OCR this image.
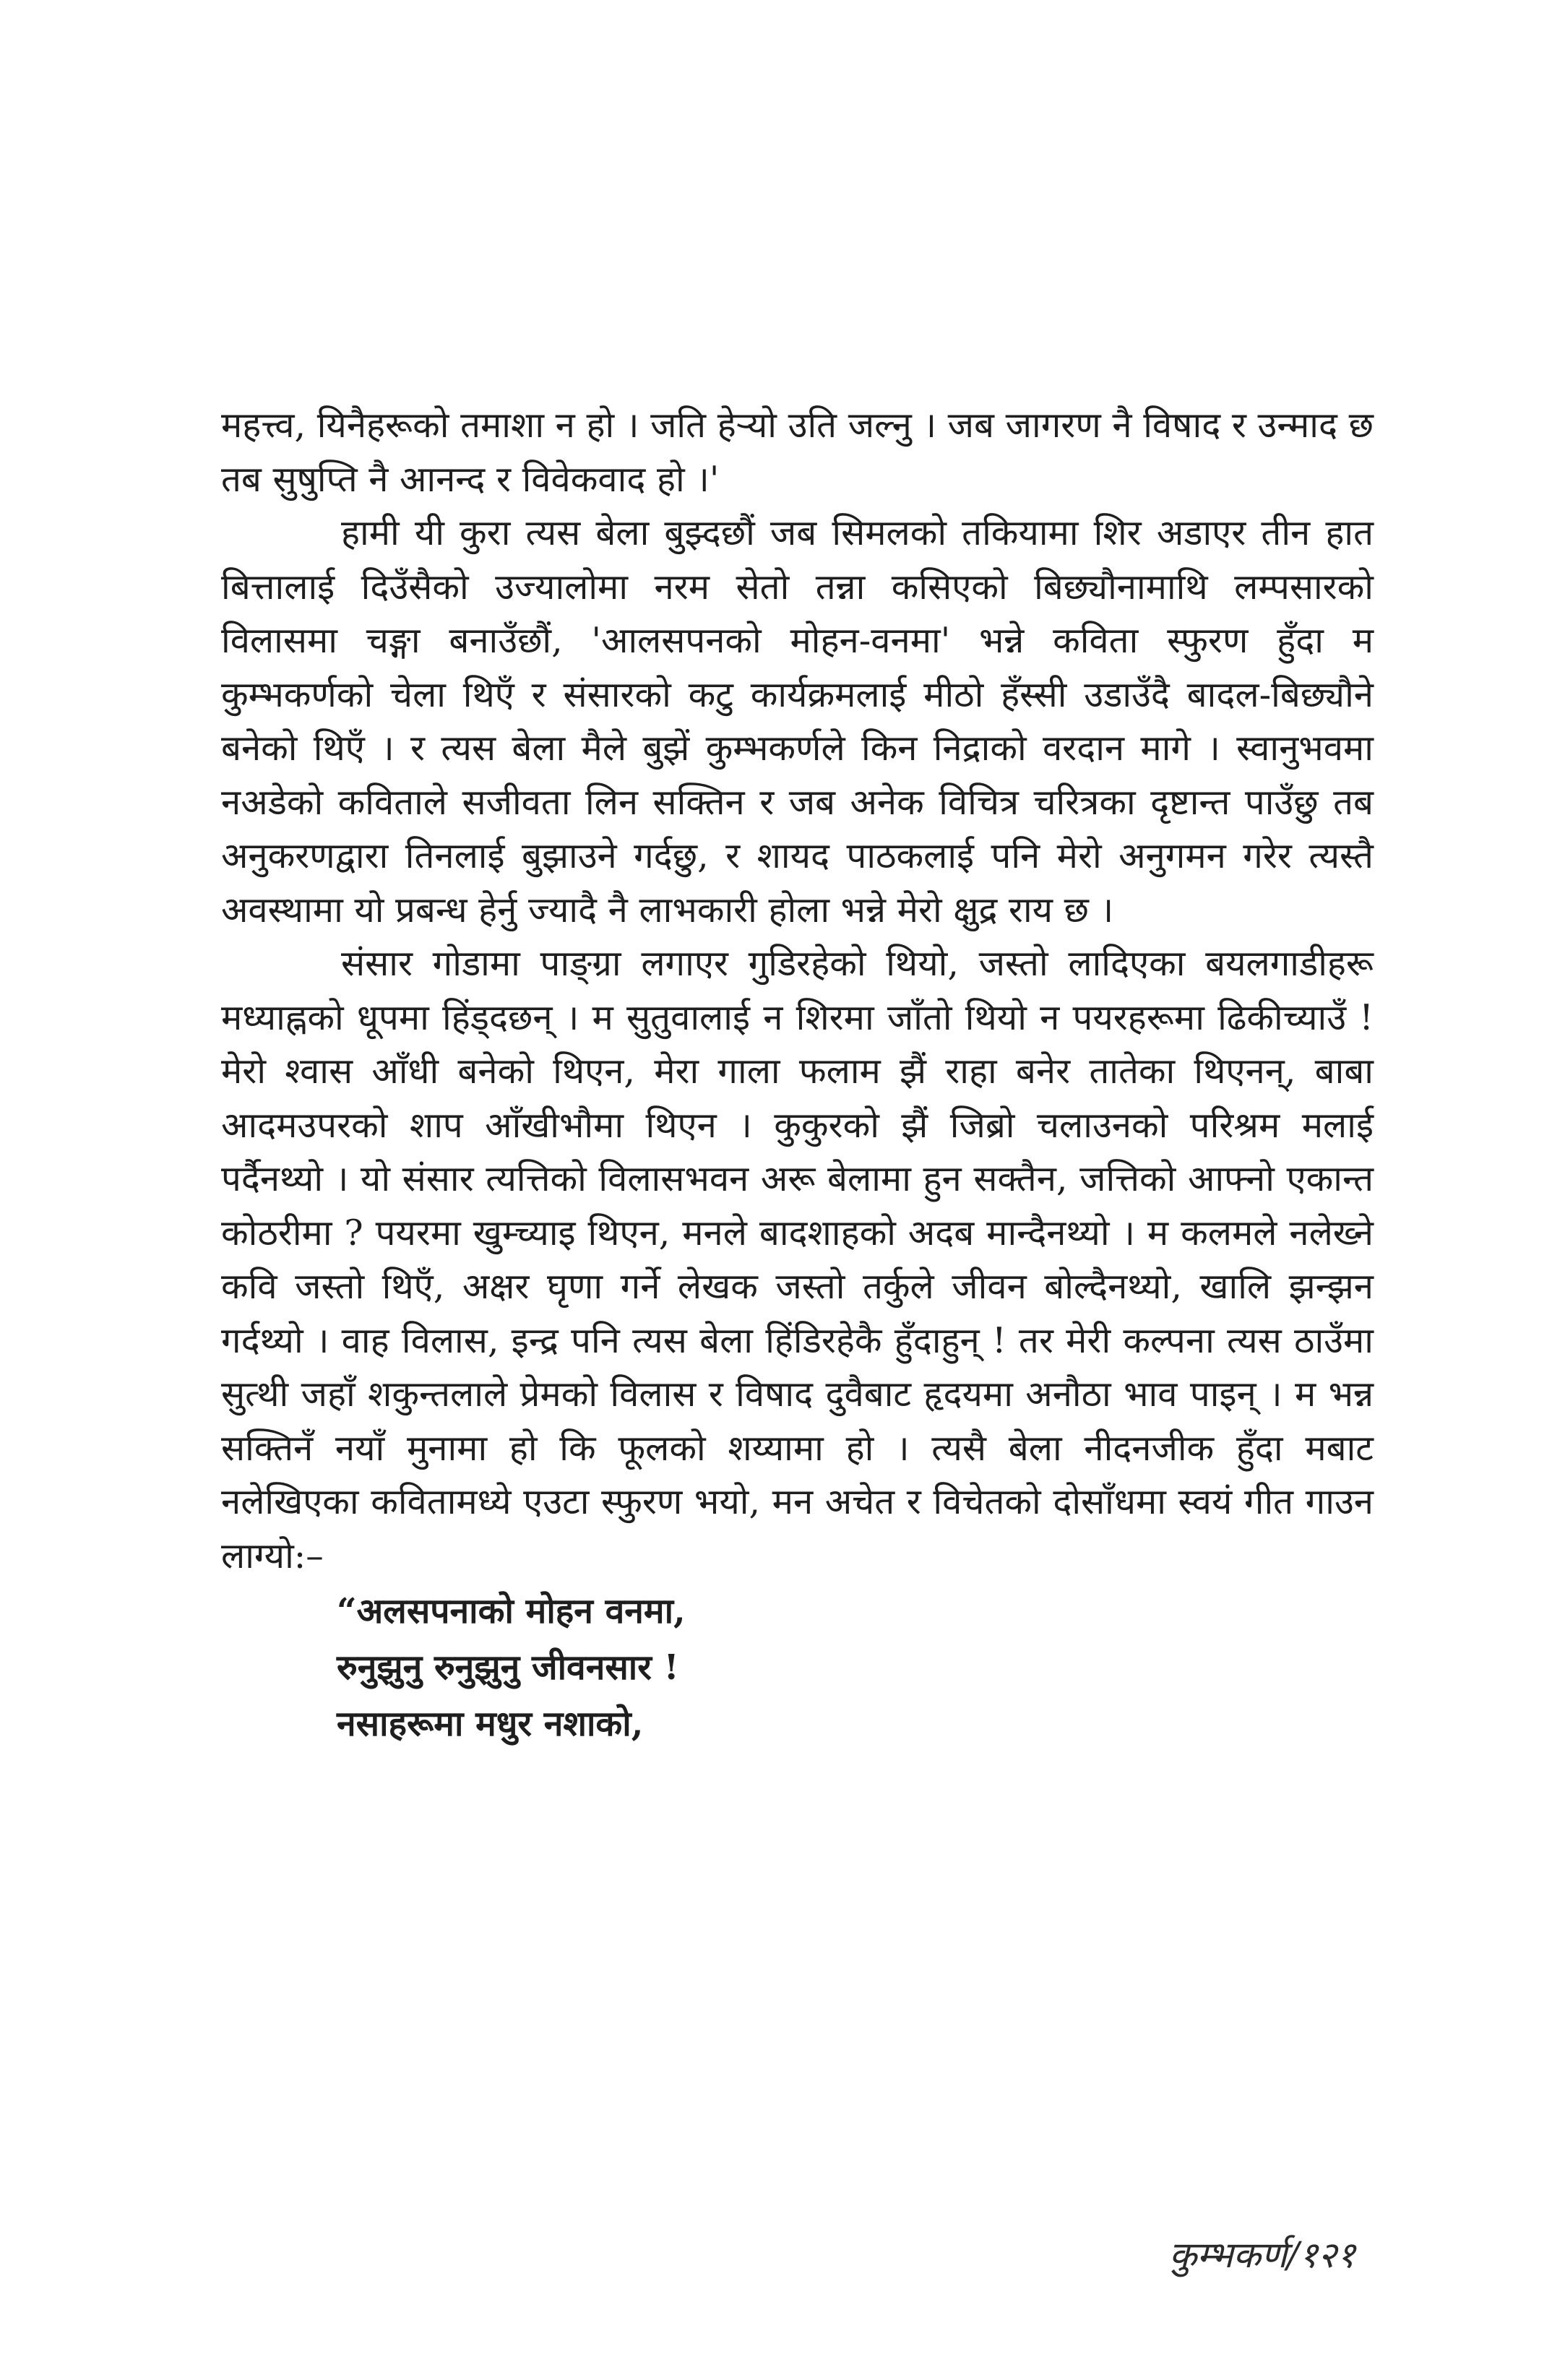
महत्त्व, यिनैहरूको तमाशा न हो । जति हेऱ्यो उति जल्नु । जब जागरण नै विषाद र उन्माद छ तब सुषुप्ति नै आनन्द र विवेकवाद हो ।'

हामी यी कुरा त्यस बेला बुझ्दछौं जब सिमलको तकियामा शिर अडाएर तीन हात बित्तालाई दिउँसैको उज्यालोमा नरम सेतो तन्ना कसिएको बिछ्यौनामाथि लम्पसारको विलासमा चङ्गा बनाउँछौं, 'आलसपनको मोहन-वनमा' भन्ने कविता स्फुरण हुँदा म कुम्भकर्णको चेला थिएँ र संसारको कटु कार्यक्रमलाई मीठो हँस्सी उडाउँदै बादल-बिछ्यौने बनेको थिएँ । र त्यस बेला मैले बुझें कुम्भकर्णले किन निद्राको वरदान मागे । स्वानुभवमा नअडेको कविताले सजीवता लिन सक्तिन र जब अनेक विचित्र चरित्रका दृष्टान्त पाउँछु तब अनुकरणद्वारा तिनलाई बुझाउने गर्दछु, र शायद पाठकलाई पनि मेरो अनुगमन गरेर त्यस्तै अवस्थामा यो प्रबन्ध हेर्नु ज्यादै नै लाभकारी होला भन्ने मेरो क्षुद्र राय छ ।

संसार गोडामा पाङ्ग्रा लगाएर गुडिरहेको थियो, जस्तो लादिएका बयलगाडीहरू मध्याह्नको धूपमा हिंड्दछन् । म सुतुवालाई न शिरमा जाँतो थियो न पयरहरूमा ढिकीच्याउँ ! मेरो श्वास आँधी बनेको थिएन, मेरा गाला फलाम झैं राहा बनेर तातेका थिएनन्, बाबा आदमउपरको शाप आँखीभौमा थिएन । कुकुरको झैं जिब्रो चलाउनको परिश्रम मलाई पर्दैनथ्यो । यो संसार त्यत्तिको विलासभवन अरू बेलामा हुन सक्तैन, जत्तिको आफ्नो एकान्त कोठरीमा ? पयरमा खुम्च्याइ थिएन, मनले बादशाहको अदब मान्दैनथ्यो । म कलमले नलेख्ने कवि जस्तो थिएँ, अक्षर घृणा गर्ने लेखक जस्तो तर्कुले जीवन बोल्दैनथ्यो, खालि झन्झन गर्दथ्यो । वाह विलास, इन्द्र पनि त्यस बेला हिंडिरहेकै हुँदाहुन् ! तर मेरी कल्पना त्यस ठाउँमा सुत्थी जहाँ शकुन्तलाले प्रेमको विलास र विषाद दुवैबाट हृदयमा अनौठा भाव पाइन् । म भन्न सक्तिनँ नयाँ मुनामा हो कि फूलको शय्यामा हो । त्यसै बेला नीदनजीक हुँदा मबाट नलेखिएका कवितामध्ये एउटा स्फुरण भयो, मन अचेत र विचेतको दोसाँधमा स्वयं गीत गाउन लाग्यो:–

“अलसपनाको मोहन वनमा,
रुनुझुनु रुनुझुनु जीवनसार !
नसाहरूमा मधुर नशाको,
कुम्भकर्ण/१२१
